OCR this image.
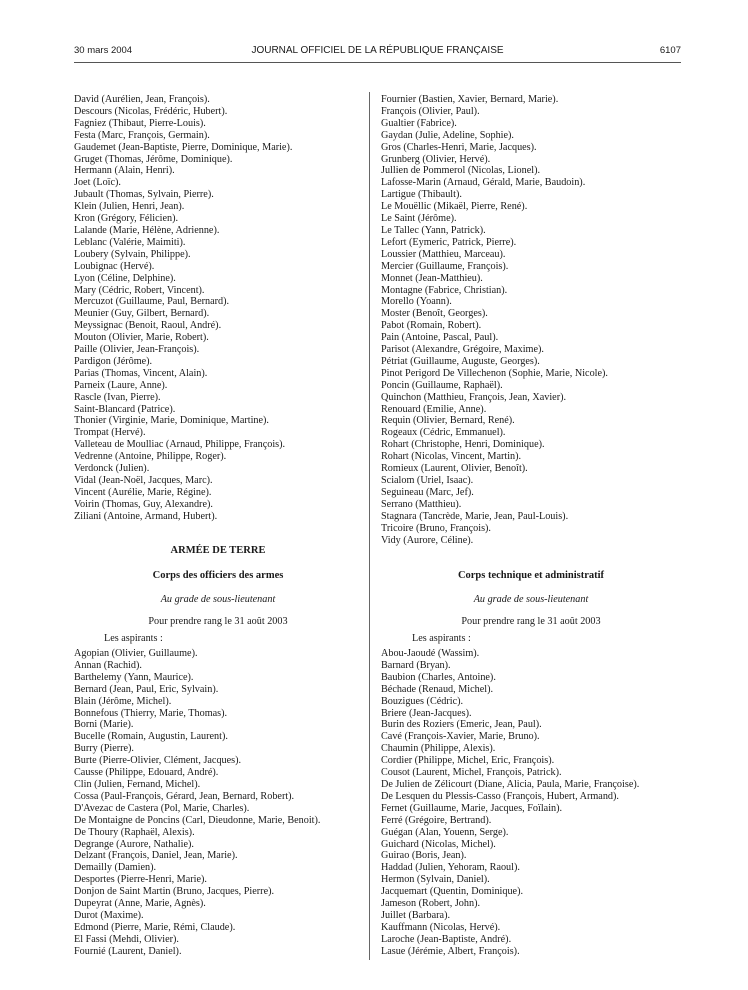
30 mars 2004	JOURNAL OFFICIEL DE LA RÉPUBLIQUE FRANÇAISE	6107
David (Aurélien, Jean, François).
Descours (Nicolas, Frédéric, Hubert).
Fagniez (Thibaut, Pierre-Louis).
Festa (Marc, François, Germain).
Gaudemet (Jean-Baptiste, Pierre, Dominique, Marie).
Gruget (Thomas, Jérôme, Dominique).
Hermann (Alain, Henri).
Joet (Loïc).
Jubault (Thomas, Sylvain, Pierre).
Klein (Julien, Henri, Jean).
Kron (Grégory, Félicien).
Lalande (Marie, Hélène, Adrienne).
Leblanc (Valérie, Maimiti).
Loubery (Sylvain, Philippe).
Loubignac (Hervé).
Lyon (Céline, Delphine).
Mary (Cédric, Robert, Vincent).
Mercuzot (Guillaume, Paul, Bernard).
Meunier (Guy, Gilbert, Bernard).
Meyssignac (Benoit, Raoul, André).
Mouton (Olivier, Marie, Robert).
Paille (Olivier, Jean-François).
Pardigon (Jérôme).
Parias (Thomas, Vincent, Alain).
Parneix (Laure, Anne).
Rascle (Ivan, Pierre).
Saint-Blancard (Patrice).
Thonier (Virginie, Marie, Dominique, Martine).
Trompat (Hervé).
Valleteau de Moulliac (Arnaud, Philippe, François).
Vedrenne (Antoine, Philippe, Roger).
Verdonck (Julien).
Vidal (Jean-Noël, Jacques, Marc).
Vincent (Aurélie, Marie, Régine).
Voirin (Thomas, Guy, Alexandre).
Ziliani (Antoine, Armand, Hubert).
Fournier (Bastien, Xavier, Bernard, Marie).
François (Olivier, Paul).
Gualtier (Fabrice).
Gaydan (Julie, Adeline, Sophie).
Gros (Charles-Henri, Marie, Jacques).
Grunberg (Olivier, Hervé).
Jullien de Pommerol (Nicolas, Lionel).
Lafosse-Marin (Arnaud, Gérald, Marie, Baudoin).
Lartigue (Thibault).
Le Mouëllic (Mikaël, Pierre, René).
Le Saint (Jérôme).
Le Tallec (Yann, Patrick).
Lefort (Eymeric, Patrick, Pierre).
Loussier (Matthieu, Marceau).
Mercier (Guillaume, François).
Monnet (Jean-Matthieu).
Montagne (Fabrice, Christian).
Morello (Yoann).
Moster (Benoît, Georges).
Pabot (Romain, Robert).
Pain (Antoine, Pascal, Paul).
Parisot (Alexandre, Grégoire, Maxime).
Pétriat (Guillaume, Auguste, Georges).
Pinot Perigord De Villechenon (Sophie, Marie, Nicole).
Poncin (Guillaume, Raphaël).
Quinchon (Matthieu, François, Jean, Xavier).
Renouard (Emilie, Anne).
Requin (Olivier, Bernard, René).
Rogeaux (Cédric, Emmanuel).
Rohart (Christophe, Henri, Dominique).
Rohart (Nicolas, Vincent, Martin).
Romieux (Laurent, Olivier, Benoît).
Scialom (Uriel, Isaac).
Seguineau (Marc, Jef).
Serrano (Matthieu).
Stagnara (Tancrède, Marie, Jean, Paul-Louis).
Tricoire (Bruno, François).
Vidy (Aurore, Céline).
ARMÉE DE TERRE
Corps des officiers des armes
Au grade de sous-lieutenant
Pour prendre rang le 31 août 2003
Les aspirants :
Agopian (Olivier, Guillaume).
Annan (Rachid).
Barthelemy (Yann, Maurice).
Bernard (Jean, Paul, Eric, Sylvain).
Blain (Jérôme, Michel).
Bonnefous (Thierry, Marie, Thomas).
Borni (Marie).
Bucelle (Romain, Augustin, Laurent).
Burry (Pierre).
Burte (Pierre-Olivier, Clément, Jacques).
Causse (Philippe, Edouard, André).
Clin (Julien, Fernand, Michel).
Cossa (Paul-François, Gérard, Jean, Bernard, Robert).
D'Avezac de Castera (Pol, Marie, Charles).
De Montaigne de Poncins (Carl, Dieudonne, Marie, Benoit).
De Thoury (Raphaël, Alexis).
Degrange (Aurore, Nathalie).
Delzant (François, Daniel, Jean, Marie).
Demailly (Damien).
Desportes (Pierre-Henri, Marie).
Donjon de Saint Martin (Bruno, Jacques, Pierre).
Dupeyrat (Anne, Marie, Agnès).
Durot (Maxime).
Edmond (Pierre, Marie, Rémi, Claude).
El Fassi (Mehdi, Olivier).
Fournié (Laurent, Daniel).
Corps technique et administratif
Au grade de sous-lieutenant
Pour prendre rang le 31 août 2003
Les aspirants :
Abou-Jaoudé (Wassim).
Barnard (Bryan).
Baubion (Charles, Antoine).
Béchade (Renaud, Michel).
Bouzigues (Cédric).
Briere (Jean-Jacques).
Burin des Roziers (Emeric, Jean, Paul).
Cavé (François-Xavier, Marie, Bruno).
Chaumin (Philippe, Alexis).
Cordier (Philippe, Michel, Eric, François).
Cousot (Laurent, Michel, François, Patrick).
De Julien de Zélicourt (Diane, Alicia, Paula, Marie, Françoise).
De Lesquen du Plessis-Casso (François, Hubert, Armand).
Fernet (Guillaume, Marie, Jacques, Foïlain).
Ferré (Grégoire, Bertrand).
Guégan (Alan, Youenn, Serge).
Guichard (Nicolas, Michel).
Guirao (Boris, Jean).
Haddad (Julien, Yehoram, Raoul).
Hermon (Sylvain, Daniel).
Jacquemart (Quentin, Dominique).
Jameson (Robert, John).
Juillet (Barbara).
Kauffmann (Nicolas, Hervé).
Laroche (Jean-Baptiste, André).
Lasue (Jérémie, Albert, François).
